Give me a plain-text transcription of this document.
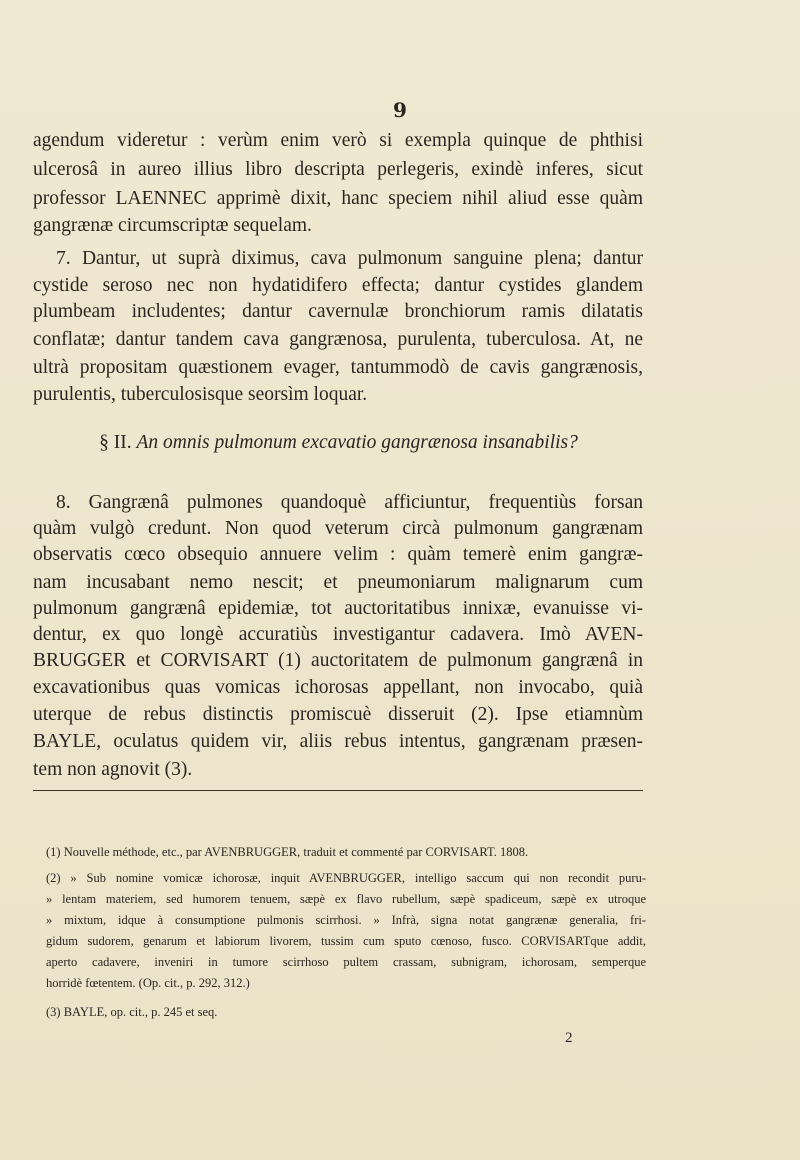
9
agendum videretur : verùm enim verò si exempla quinque de phthisi
ulcerosâ in aureo illius libro descripta perlegeris, exindè inferes, sicut
professor LAENNEC apprimè dixit, hanc speciem nihil aliud esse quàm
gangrænæ circumscriptæ sequelam.
7. Dantur, ut suprà diximus, cava pulmonum sanguine plena; dantur
cystide seroso nec non hydatidifero effecta; dantur cystides glandem
plumbeam includentes; dantur cavernulæ bronchiorum ramis dilatatis
conflatæ; dantur tandem cava gangrænosa, purulenta, tuberculosa. At, ne
ultrà propositam quæstionem evager, tantummodò de cavis gangrænosis,
purulentis, tuberculosisque seorsìm loquar.
§ II. An omnis pulmonum excavatio gangrænosa insanabilis?
8. Gangrænâ pulmones quandoquè afficiuntur, frequentiùs forsan
quàm vulgò credunt. Non quod veterum circà pulmonum gangrænam
observatis cœco obsequio annuere velim : quàm temerè enim gangræ-
nam incusabant nemo nescit; et pneumoniarum malignarum cum
pulmonum gangrænâ epidemiæ, tot auctoritatibus innixæ, evanuisse vi-
dentur, ex quo longè accuratiùs investigantur cadavera. Imò AVEN-
BRUGGER et CORVISART (1) auctoritatem de pulmonum gangrænâ in
excavationibus quas vomicas ichorosas appellant, non invocabo, quià
uterque de rebus distinctis promiscuè disseruit (2). Ipse etiamnùm
BAYLE, oculatus quidem vir, aliis rebus intentus, gangrænam præsen-
tem non agnovit (3).
(1) Nouvelle méthode, etc., par AVENBRUGGER, traduit et commenté par CORVISART. 1808.
(2) » Sub nomine vomicæ ichorosæ, inquit AVENBRUGGER, intelligo saccum qui non recondit puru-
» lentam materiem, sed humorem tenuem, sæpè ex flavo rubellum, sæpè spadiceum, sæpè ex utroque
» mixtum, idque à consumptione pulmonis scirrhosi. » Infrà, signa notat gangrænæ generalia, fri-
gidum sudorem, genarum et labiorum livorem, tussim cum sputo cœnoso, fusco. CORVISARTque addit,
aperto cadavere, inveniri in tumore scirrhoso pultem crassam, subnigram, ichorosam, semperque
horridè fœtentem. (Op. cit., p. 292, 312.)
(3) BAYLE, op. cit., p. 245 et seq.
2
